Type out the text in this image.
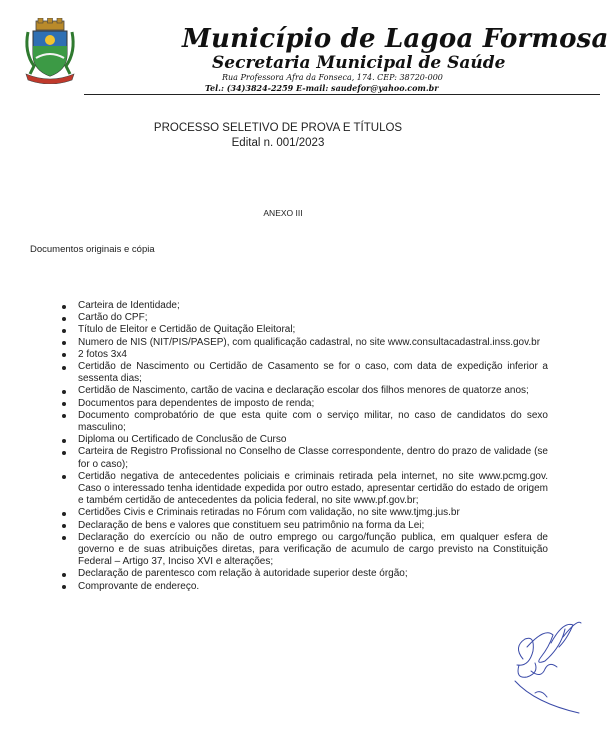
Município de Lagoa Formosa
Secretaria Municipal de Saúde
Rua Professora Afra da Fonseca, 174. CEP: 38720-000
Tel.: (34)3824-2259 E-mail: saudefor@yahoo.com.br
PROCESSO SELETIVO DE PROVA E TÍTULOS
Edital n. 001/2023
ANEXO III
Documentos originais e cópia
Carteira de Identidade;
Cartão do CPF;
Título de Eleitor e Certidão de Quitação Eleitoral;
Numero de NIS (NIT/PIS/PASEP), com qualificação cadastral, no site www.consultacadastral.inss.gov.br
2 fotos 3x4
Certidão de Nascimento ou Certidão de Casamento se for o caso, com data de expedição inferior a sessenta dias;
Certidão de Nascimento, cartão de vacina e declaração escolar dos filhos menores de quatorze anos;
Documentos para dependentes de imposto de renda;
Documento comprobatório de que esta quite com o serviço militar, no caso de candidatos do sexo masculino;
Diploma ou Certificado de Conclusão de Curso
Carteira de Registro Profissional no Conselho de Classe correspondente, dentro do prazo de validade (se for o caso);
Certidão negativa de antecedentes policiais e criminais retirada pela internet, no site www.pcmg.gov. Caso o interessado tenha identidade expedida por outro estado, apresentar certidão do estado de origem e também certidão de antecedentes da policia federal, no site www.pf.gov.br;
Certidões Civis e Criminais retiradas no Fórum com validação, no site www.tjmg.jus.br
Declaração de bens e valores que constituem seu patrimônio na forma da Lei;
Declaração do exercício ou não de outro emprego ou cargo/função publica, em qualquer esfera de governo e de suas atribuições diretas, para verificação de acumulo de cargo previsto na Constituição Federal – Artigo 37, Inciso XVI e alterações;
Declaração de parentesco com relação à autoridade superior deste órgão;
Comprovante de endereço.
